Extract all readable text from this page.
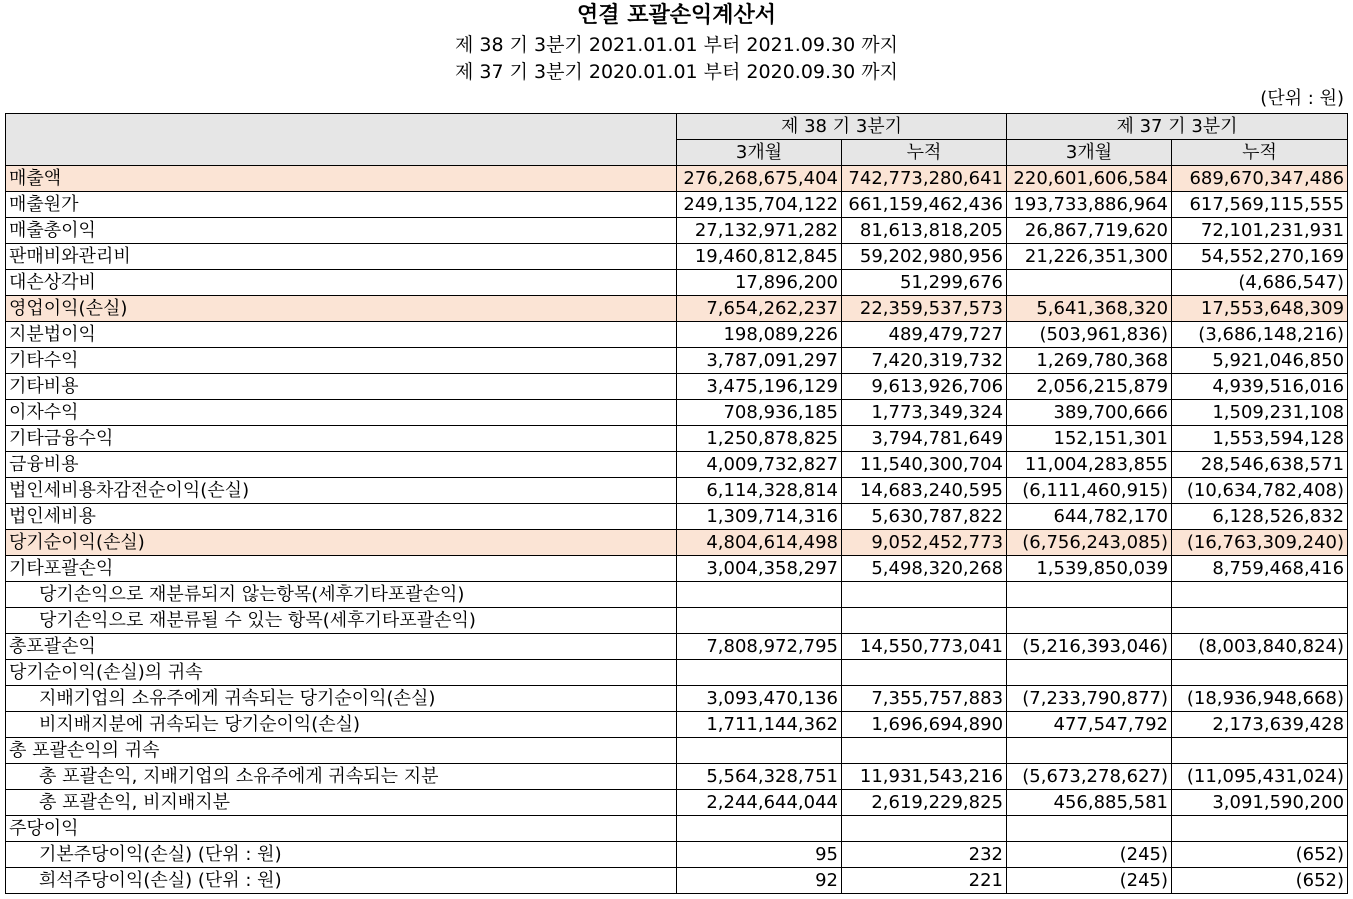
연결 포괄손익계산서
제 38 기 3분기 2021.01.01 부터 2021.09.30 까지
제 37 기 3분기 2020.01.01 부터 2020.09.30 까지
(단위 : 원)
	제 38 기 3분기		제 37 기 3분기	
	3개월	누적	3개월	누적
매출액	276,268,675,404	742,773,280,641	220,601,606,584	689,670,347,486
매출원가	249,135,704,122	661,159,462,436	193,733,886,964	617,569,115,555
매출총이익	27,132,971,282	81,613,818,205	26,867,719,620	72,101,231,931
판매비와관리비	19,460,812,845	59,202,980,956	21,226,351,300	54,552,270,169
대손상각비	17,896,200	51,299,676		(4,686,547)
영업이익(손실)	7,654,262,237	22,359,537,573	5,641,368,320	17,553,648,309
지분법이익	198,089,226	489,479,727	(503,961,836)	(3,686,148,216)
기타수익	3,787,091,297	7,420,319,732	1,269,780,368	5,921,046,850
기타비용	3,475,196,129	9,613,926,706	2,056,215,879	4,939,516,016
이자수익	708,936,185	1,773,349,324	389,700,666	1,509,231,108
기타금융수익	1,250,878,825	3,794,781,649	152,151,301	1,553,594,128
금융비용	4,009,732,827	11,540,300,704	11,004,283,855	28,546,638,571
법인세비용차감전순이익(손실)	6,114,328,814	14,683,240,595	(6,111,460,915)	(10,634,782,408)
법인세비용	1,309,714,316	5,630,787,822	644,782,170	6,128,526,832
당기순이익(손실)	4,804,614,498	9,052,452,773	(6,756,243,085)	(16,763,309,240)
기타포괄손익	3,004,358,297	5,498,320,268	1,539,850,039	8,759,468,416
당기손익으로 재분류되지 않는항목(세후기타포괄손익)				
당기손익으로 재분류될 수 있는 항목(세후기타포괄손익)				
총포괄손익	7,808,972,795	14,550,773,041	(5,216,393,046)	(8,003,840,824)
당기순이익(손실)의 귀속				
지배기업의 소유주에게 귀속되는 당기순이익(손실)	3,093,470,136	7,355,757,883	(7,233,790,877)	(18,936,948,668)
비지배지분에 귀속되는 당기순이익(손실)	1,711,144,362	1,696,694,890	477,547,792	2,173,639,428
총 포괄손익의 귀속				
총 포괄손익, 지배기업의 소유주에게 귀속되는 지분	5,564,328,751	11,931,543,216	(5,673,278,627)	(11,095,431,024)
총 포괄손익, 비지배지분	2,244,644,044	2,619,229,825	456,885,581	3,091,590,200
주당이익				
기본주당이익(손실) (단위 : 원)	95	232	(245)	(652)
희석주당이익(손실) (단위 : 원)	92	221	(245)	(652)
